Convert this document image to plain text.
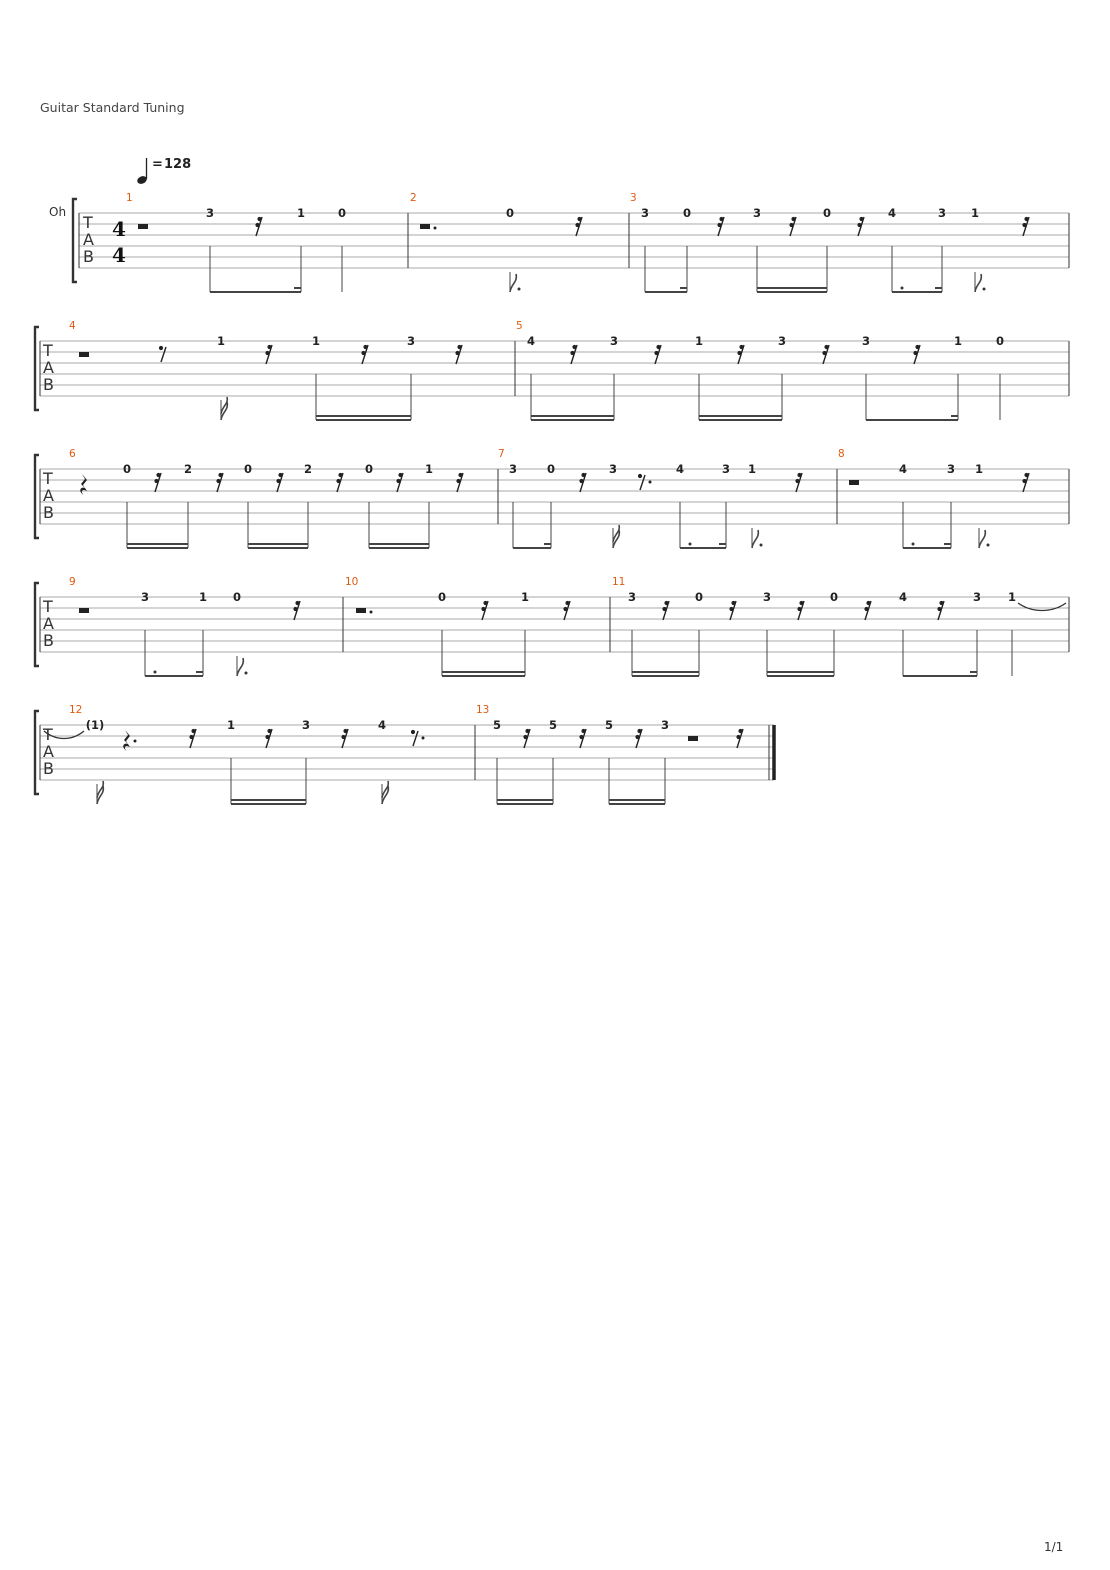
Guitar Standard Tuning
1/1
= 128
Oh
T
A
B
4
4
T
A
B
T
A
B
T
A
B
T
A
B
1
3	1	0
2
0
3
3	0	3	0	4	3 1
4
1	1	3
5
4	3	1	3	3	1	0
6
0	2	0	2	0	1
7
3	0	3	4	3 1
8
4	3 1
9
3	1 0
10
0	1
11
3	0	3	0	4	3 1
12
(1)	1	3	4
13
5	5	5	3
